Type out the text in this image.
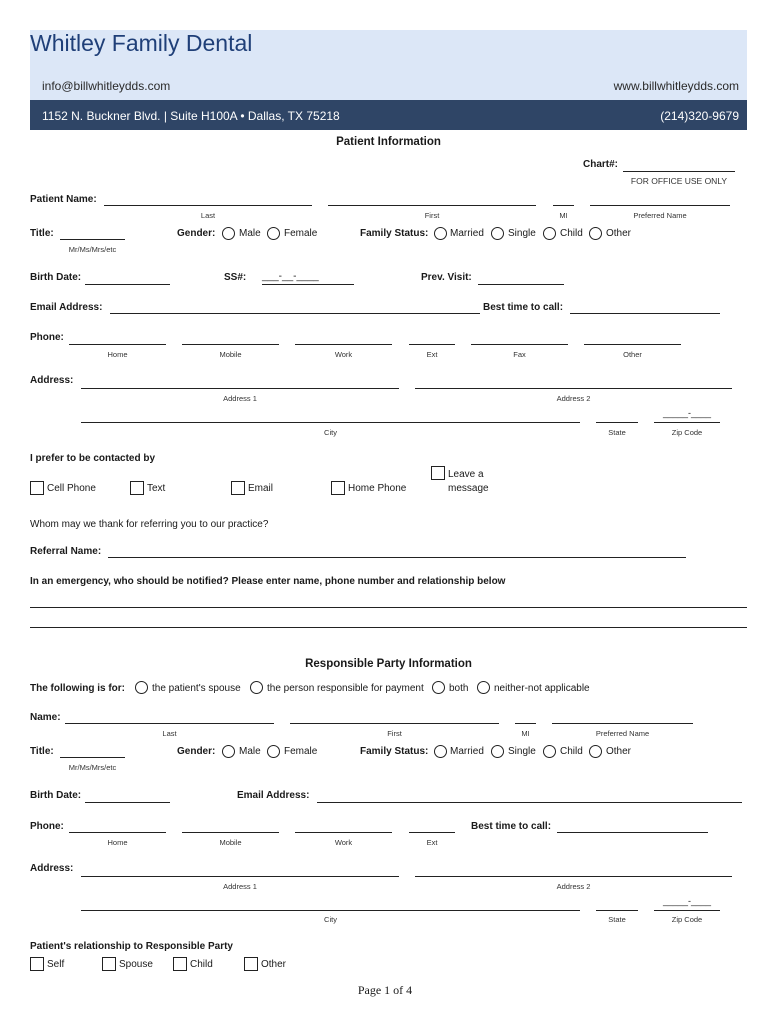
Whitley Family Dental
info@billwhitleydds.com	www.billwhitleydds.com
1152 N. Buckner Blvd. | Suite H100A • Dallas, TX 75218	(214)320-9679
Patient Information
Chart#:
FOR OFFICE USE ONLY
Patient Name:
Last	First	MI	Preferred Name
Title:
Mr/Ms/Mrs/etc
Gender: Male Female	Family Status: Married Single Child Other
Birth Date:	SS#: ___-__-____	Prev. Visit:
Email Address:	Best time to call:
Phone:
Home	Mobile	Work	Ext	Fax	Other
Address:
Address 1	Address 2
_____-____
City	State	Zip Code
I prefer to be contacted by
Cell Phone	Text	Email	Home Phone
Leave a
message
Whom may we thank for referring you to our practice?
Referral Name:
In an emergency, who should be notified? Please enter name, phone number and relationship below
Responsible Party Information
The following is for:	the patient's spouse	the person responsible for payment	both	neither-not applicable
Name:
Last	First	MI	Preferred Name
Title:
Mr/Ms/Mrs/etc
Gender: Male Female	Family Status: Married Single Child Other
Birth Date:	Email Address:
Phone:
Home	Mobile	Work	Ext
Best time to call:
Address:
Address 1	Address 2
_____-____
City	State	Zip Code
Patient's relationship to Responsible Party
Self	Spouse	Child	Other
Page 1 of 4
